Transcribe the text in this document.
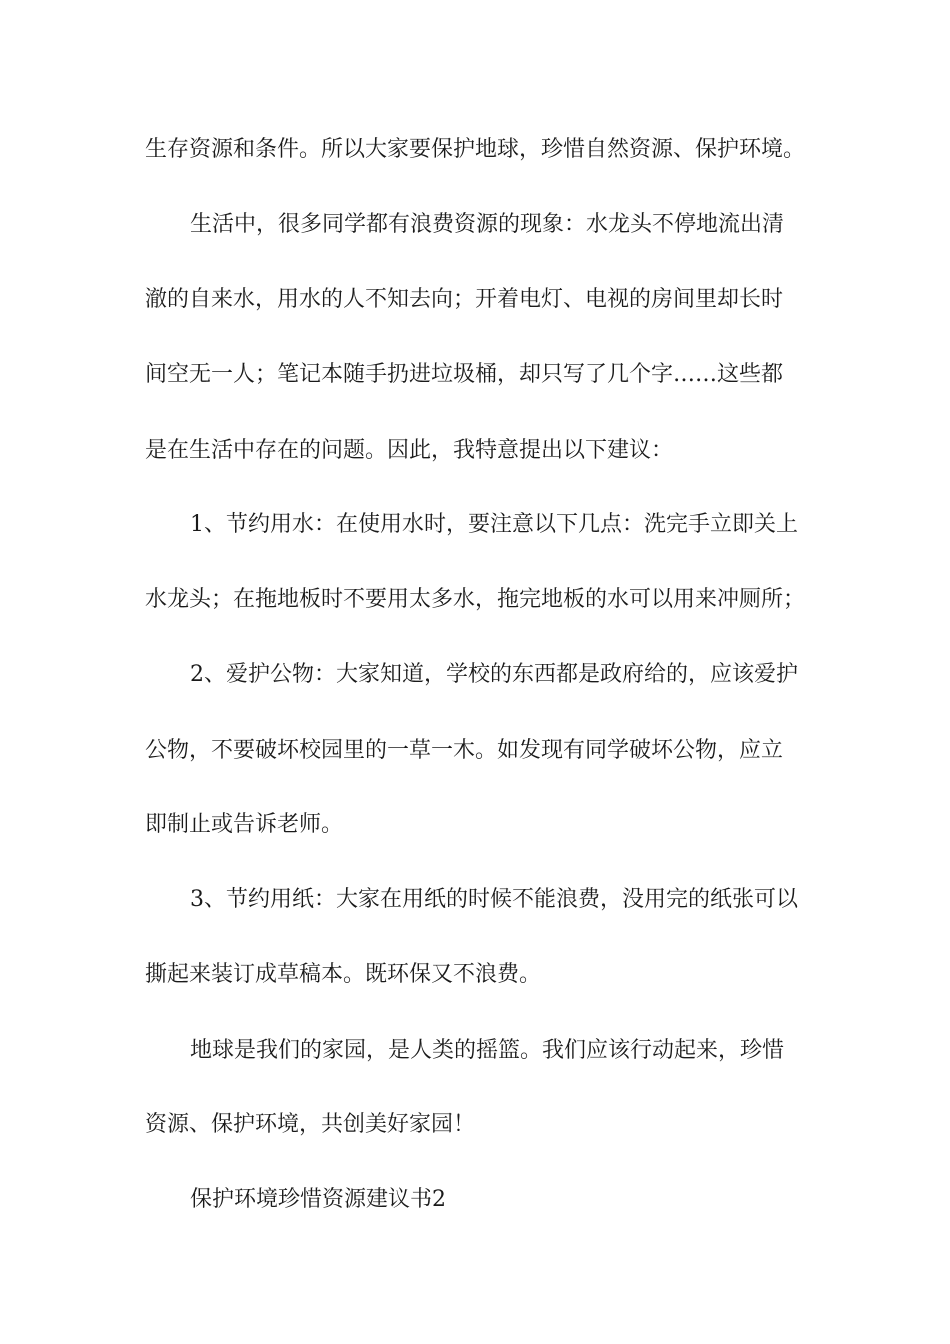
生存资源和条件。所以大家要保护地球，珍惜自然资源、保护环境。
生活中，很多同学都有浪费资源的现象：水龙头不停地流出清
澈的自来水，用水的人不知去向；开着电灯、电视的房间里却长时
间空无一人；笔记本随手扔进垃圾桶，却只写了几个字……这些都
是在生活中存在的问题。因此，我特意提出以下建议：
1、节约用水：在使用水时，要注意以下几点：洗完手立即关上
水龙头；在拖地板时不要用太多水，拖完地板的水可以用来冲厕所；
2、爱护公物：大家知道，学校的东西都是政府给的，应该爱护
公物，不要破坏校园里的一草一木。如发现有同学破坏公物，应立
即制止或告诉老师。
3、节约用纸：大家在用纸的时候不能浪费，没用完的纸张可以
撕起来装订成草稿本。既环保又不浪费。
地球是我们的家园，是人类的摇篮。我们应该行动起来，珍惜
资源、保护环境，共创美好家园！
保护环境珍惜资源建议书2
